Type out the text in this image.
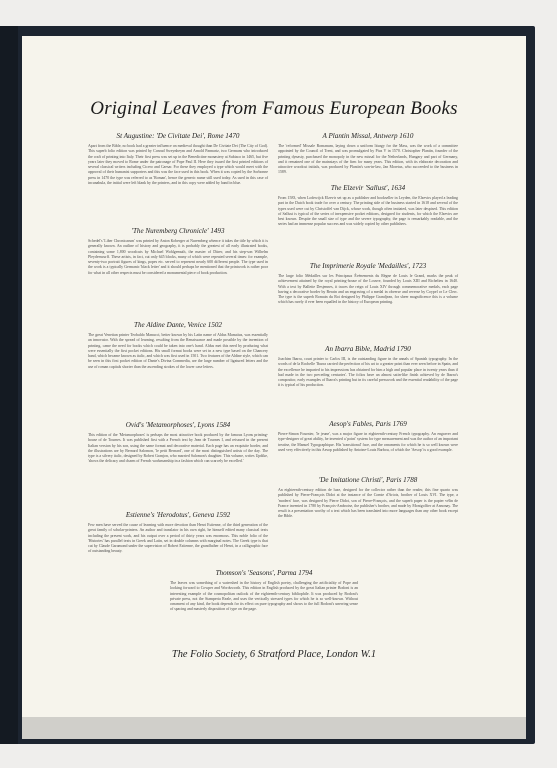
Original Leaves from Famous European Books
St Augustine: 'De Civitate Dei', Rome 1470

Apart from the Bible, no book had a greater influence on medieval thought than De Civitate Dei (The City of God). This superb folio edition was printed by Conrad Sweynheym and Arnold Pannartz, two Germans who introduced the craft of printing into Italy. Their first press was set up in the Benedictine monastery at Subiaco in 1465, but five years later they moved to Rome under the patronage of Pope Paul II. Here they issued the first printed editions of several classical writers including Cicero and Caesar. For these they employed a type which would meet with the approval of their humanist supporters and this was the face used in this book. When it was copied by the Sorbonne press in 1470 the type was referred to as 'Roman', hence the generic name still used today. As used in this case of incunabula, the initial were left blank by the printers, and in this copy were added by hand in blue.

'The Nuremberg Chronicle' 1493

Schedel's 'Liber Chronicarum' was printed by Anton Koberger at Nuremberg whence it takes the title by which it is generally known. An outline of history and geography, it is probably the greatest of all early illustrated books, containing some 1,800 woodcuts by Michael Wohlgemuth, the master of Dürer, and his step-son Wilhelm Pleydenwurff. These artists, in fact, cut only 645 blocks, many of which were repeated several times: for example, seventy-two portrait figures of kings, popes etc. served to represent nearly 600 different people. The type used in the work is a typically Germanic 'black letter' and it should perhaps be mentioned that the printwork is rather poor for what in all other respects must be considered a monumental piece of book production.

The Aldine Dante, Venice 1502

The great Venetian printer Teobaldo Manucci, better known by his Latin name of Aldus Manutius, was essentially an innovator. With the spread of learning, resulting from the Renaissance and made possible by the invention of printing, came the need for books which could be taken into one's hand. Aldus met this need by producing what were essentially the first pocket editions. His small format books were set in a new type based on the Chancery hand, which became known as italic, and which was first used in 1501. Two features of the Aldine style, which can be seen in this first pocket edition of Dante's Divina Commedia, are the large number of ligatured letters and the use of roman capitals shorter than the ascending strokes of the lower case letters.

Ovid's 'Metamorphoses', Lyons 1584

This edition of the 'Metamorphoses' is perhaps the most attractive book produced by the famous Lyons printing-house of de Tournes. It was published first with a French text by Jean de Tournes I, and reissued in the present Italian version by his son, using the same format and decorative material. Each page has an exquisite border, and the illustrations are by Bernard Salomon, 'le petit Bernard', one of the most distinguished artists of the day. The type is a silvery italic, designed by Robert Granjon, who married Salomon's daughter. This volume, writes Updike, 'shows the delicacy and charm of French workmanship in a fashion which can scarcely be excelled.'

Estienne's 'Herodotus', Geneva 1592

Few men have served the cause of learning with more devotion than Henri Estienne, of the third generation of the great family of scholar-printers. An author and translator in his own right, he himself edited many classical texts including the present work, and his output over a period of thirty years was enormous. This noble folio of the 'Histories' has parallel texts in Greek and Latin, set in double columns with marginal notes. The Greek type is that cut by Claude Garamond under the supervision of Robert Estienne, the grandfather of Henri, in a calligraphic face of outstanding beauty.

A Plantin Missal, Antwerp 1610

The 'reformed' Missale Romanum, laying down a uniform liturgy for the Mass, was the work of a committee appointed by the Council of Trent, and was promulgated by Pius V in 1570. Christopher Plantin, founder of the printing dynasty, purchased the monopoly in the new missal for the Netherlands, Hungary and part of Germany, and it remained one of the mainstays of the firm for many years. This edition, with its elaborate decoration and attractive woodcut initials, was produced by Plantin's son-in-law, Jan Moretus, who succeeded to the business in 1589.

The Elzevir 'Sallust', 1634

From 1583, when Lodewijck Elzevir set up as a publisher and bookseller in Leyden, the Elzevirs played a leading part in the Dutch book trade for over a century. The printing side of the business started in 1618 and several of the types used were cut by Christoffel van Dijck, whose work, though often imitated, was later despised. This edition of Sallust is typical of the series of inexpensive pocket editions, designed for students, for which the Elzevirs are best known. Despite the small size of type and the severe typography, the page is remarkably readable, and the series had an immense popular success and was widely copied by other publishers.

The Imprimerie Royale 'Medailles', 1723

The large folio Médailles sur les Principaux Événements du Règne de Louis le Grand, marks the peak of achievement attained by the royal printing-house of the Louvre, founded by Louis XIII and Richelieu in 1640. With a text by Ballette Desjennes, it traces the reign of Louis XIV through commemorative medals, each page having a decorative border by Berain and an engraving of a medal in obverse and reverse by Coypel or Le Clerc. The type is the superb Romain du Roi designed by Philippe Grandjean, for sheer magnificence this is a volume which has rarely if ever been equalled in the history of European printing.

An Ibarra Bible, Madrid 1790

Joachim Ibarra, court printer to Carlos III, is the outstanding figure in the annals of Spanish typography. In the words of de la Rochelle 'Ibarra carried the perfection of his art to a greater point than ever seen before in Spain, and the excellence he imparted to his impressions has obtained for him a high and popular place in twenty years than if had made in the two preceding centuries'. The folios have an almost satin-like finish achieved by de Ibarra's compositor, early examples of Ibarra's printing but in its careful presswork and the essential readability of the page it is typical of his production.

Aesop's Fables, Paris 1769

Pierre-Simon Fournier, 'le jeune', was a major figure in eighteenth-century French typography. An engraver and type-designer of great ability, he invented a 'point' system for type measurement and was the author of an important treatise, the Manuel Typographique. His 'transitional' face, and the ornaments for which he is so well known were used very effectively in this Aesop published by Antoine-Louis Barbou, of which the 'Aesop' is a good example.

'De Imitatione Christi', Paris 1788

An eighteenth-century edition de luxe, designed for the collector rather than the reader, this fine quarto was published by Pierre-François Didot at the instance of the Comte d'Artois, brother of Louis XVI. The type, a 'modern' face, was designed by Pierre Didot, son of Pierre-François, and the superb paper is the papier vélin de France invented in 1780 by François-Ambroise, the publisher's brother, and made by Montgolfier at Annonay. The result is a presentation worthy of a text which has been translated into more languages than any other book except the Bible.

Thomson's 'Seasons', Parma 1794

The leaves was something of a watershed in the history of English poetry, challenging the artificiality of Pope and looking forward to Cowper and Wordsworth. This edition in English produced by the great Italian printer Bodoni is an interesting example of the cosmopolitan outlook of the eighteenth-century bibliophile. It was produced by Bodoni's private press, not the Stamperia Reale, and uses the vertically stressed types for which he is so well-known. Without ornament of any kind, the book depends for its effect on pure typography and shows to the full Bodoni's unerring sense of spacing and masterly disposition of type on the page.

The Folio Society, 6 Stratford Place, London W.1
